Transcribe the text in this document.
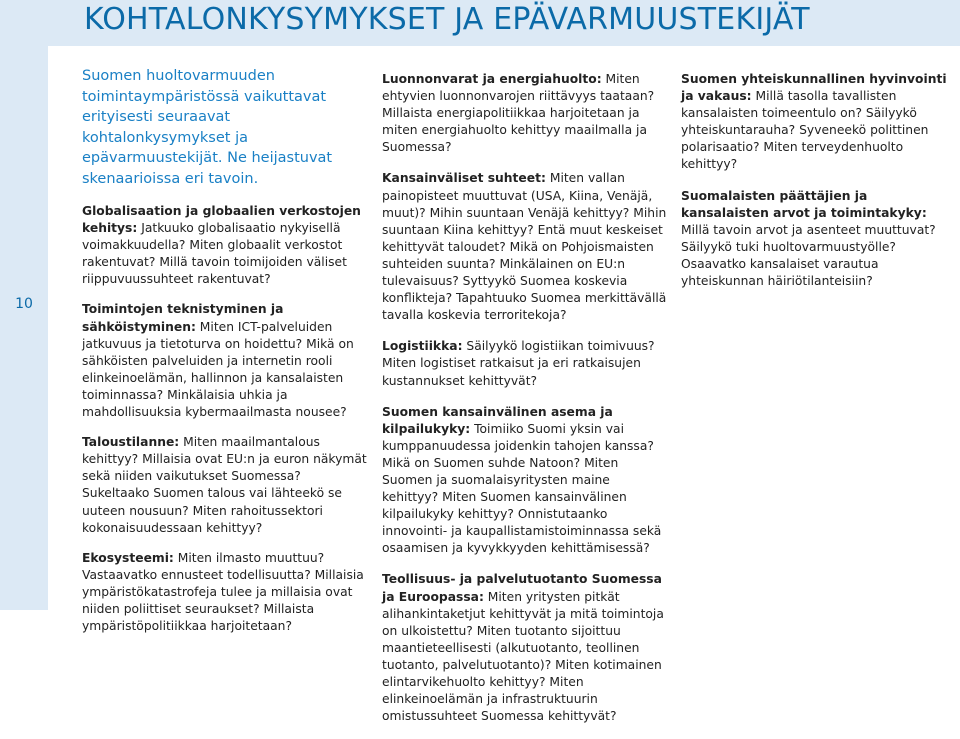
KOHTALONKYSYMYKSET JA EPÄVARMUUSTEKIJÄT
10

Suomen huoltovarmuuden toimintaympäristössä vaikuttavat erityisesti seuraavat kohtalonkysymykset ja epävarmuustekijät. Ne heijastuvat skenaarioissa eri tavoin.

Globalisaation ja globaalien verkostojen kehitys: Jatkuuko globalisaatio nykyisellä voimakkuudella? Miten globaalit verkostot rakentuvat? Millä tavoin toimijoiden väliset riippuvuussuhteet rakentuvat?

Toimintojen teknistyminen ja sähköistyminen: Miten ICT-palveluiden jatkuvuus ja tietoturva on hoidettu? Mikä on sähköisten palveluiden ja internetin rooli elinkeinoelämän, hallinnon ja kansalaisten toiminnassa? Minkälaisia uhkia ja mahdollisuuksia kybermaailmasta nousee?

Taloustilanne: Miten maailmantalous kehittyy? Millaisia ovat EU:n ja euron näkymät sekä niiden vaikutukset Suomessa? Sukeltaako Suomen talous vai lähteekö se uuteen nousuun? Miten rahoitussektori kokonaisuudessaan kehittyy?

Ekosysteemi: Miten ilmasto muuttuu? Vastaavatko ennusteet todellisuutta? Millaisia ympäristökatastrofeja tulee ja millaisia ovat niiden poliittiset seuraukset? Millaista ympäristöpolitiikkaa harjoitetaan?

Luonnonvarat ja energiahuolto: Miten ehtyvien luonnonvarojen riittävyys taataan? Millaista energiapolitiikkaa harjoitetaan ja miten energiahuolto kehittyy maailmalla ja Suomessa?

Kansainväliset suhteet: Miten vallan painopisteet muuttuvat (USA, Kiina, Venäjä, muut)? Mihin suuntaan Venäjä kehittyy? Mihin suuntaan Kiina kehittyy? Entä muut keskeiset kehittyvät taloudet? Mikä on Pohjoismaisten suhteiden suunta? Minkälainen on EU:n tulevaisuus? Syttyykö Suomea koskevia konflikteja? Tapahtuuko Suomea merkittävällä tavalla koskevia terroritekoja?

Logistiikka: Säilyykö logistiikan toimivuus? Miten logistiset ratkaisut ja eri ratkaisujen kustannukset kehittyvät?

Suomen kansainvälinen asema ja kilpailukyky: Toimiiko Suomi yksin vai kumppanuudessa joidenkin tahojen kanssa? Mikä on Suomen suhde Natoon? Miten Suomen ja suomalaisyritysten maine kehittyy? Miten Suomen kansainvälinen kilpailukyky kehittyy? Onnistutaanko innovointi- ja kaupallistamistoiminnassa sekä osaamisen ja kyvykkyyden kehittämisessä?

Teollisuus- ja palvelutuotanto Suomessa ja Euroopassa: Miten yritysten pitkät alihankintaketjut kehittyvät ja mitä toimintoja on ulkoistettu? Miten tuotanto sijoittuu maantieteellisesti (alkutuotanto, teollinen tuotanto, palvelutuotanto)? Miten kotimainen elintarvikehuolto kehittyy? Miten elinkeinoelämän ja infrastruktuurin omistussuhteet Suomessa kehittyvät?

Suomen yhteiskunnallinen hyvinvointi ja vakaus: Millä tasolla tavallisten kansalaisten toimeentulo on? Säilyykö yhteiskuntarauha? Syveneekö polittinen polarisaatio? Miten terveydenhuolto kehittyy?

Suomalaisten päättäjien ja kansalaisten arvot ja toimintakyky: Millä tavoin arvot ja asenteet muuttuvat? Säilyykö tuki huoltovarmuustyölle? Osaavatko kansalaiset varautua yhteiskunnan häiriötilanteisiin?
